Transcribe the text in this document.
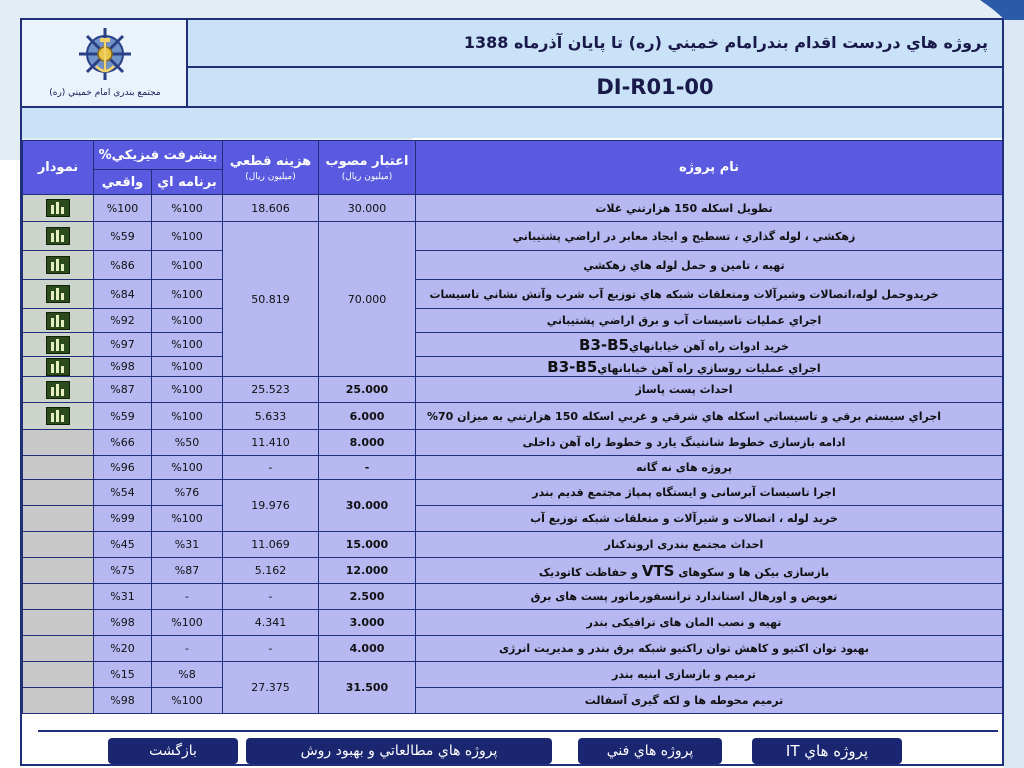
مجتمع بندري امام خميني (ره)
پروژه هاي دردست اقدام بندرامام خميني (ره) تا پايان آذرماه 1388
DI-R01-00
نمودار	%پيشرفت فيزيكي		هزينه قطعي
(ميليون ريال)	اعتبار مصوب
(ميليون ريال)	نام پروژه
	واقعي	برنامه اي			

	%100	%100	18.606	30.000	تطويل اسكله 150 هزارتني غلات

	%59	%100	50.819	70.000	زهكشي ، لوله گذاري ، تسطيح و ايجاد معابر در اراضي پشتيباني

	%86	%100			تهيه ، تامين و حمل لوله هاي زهكشي

	%84	%100			خريدوحمل لوله،اتصالات وشيرآلات ومتعلقات شبكه هاي توزيع آب شرب وآتش نشاني تاسيسات

	%92	%100			اجراي عمليات تاسيسات آب و برق اراضي پشتيباني

	%97	%100			خريد ادوات راه آهن خيابانهايB3-B5

	%98	%100			اجراي عمليات روسازي راه آهن خيابانهايB3-B5

	%87	%100	25.523	25.000	احداث پست پاساژ

	%59	%100	5.633	6.000	اجراي سيستم برقي و تاسيساتي اسكله هاي شرقي و غربي اسكله 150 هزارتني به ميزان 70%
	%66	%50	11.410	8.000	ادامه بازسازی خطوط شانتینگ یارد و خطوط راه آهن داخلی
	%96	%100	-	-	پروژه های نه گانه
	%54	%76	19.976	30.000	اجرا تاسیسات آبرسانی و ایستگاه پمپاژ مجتمع قدیم بندر
	%99	%100			خرید لوله ، اتصالات و شیرآلات و متعلقات شبکه توزیع آب
	%45	%31	11.069	15.000	احداث مجتمع بندری اروندکنار
	%75	%87	5.162	12.000	بازسازی بیکن ها و سکوهای VTS و حفاظت کاتودیک
	%31	-	-	2.500	تعویض و اورهال استاندارد ترانسفورماتور پست های برق
	%98	%100	4.341	3.000	تهیه و نصب المان های ترافیکی بندر
	%20	-	-	4.000	بهبود توان اکتیو و کاهش توان راکتیو شبکه برق بندر و مدیریت انرژی
	%15	%8	27.375	31.500	ترمیم و بازسازی ابنیه بندر
	%98	%100			ترمیم محوطه ها و لکه گیری آسفالت
پروژه هاي IT
پروژه هاي فني
پروژه هاي مطالعاتي و بهبود روش
بازگشت
